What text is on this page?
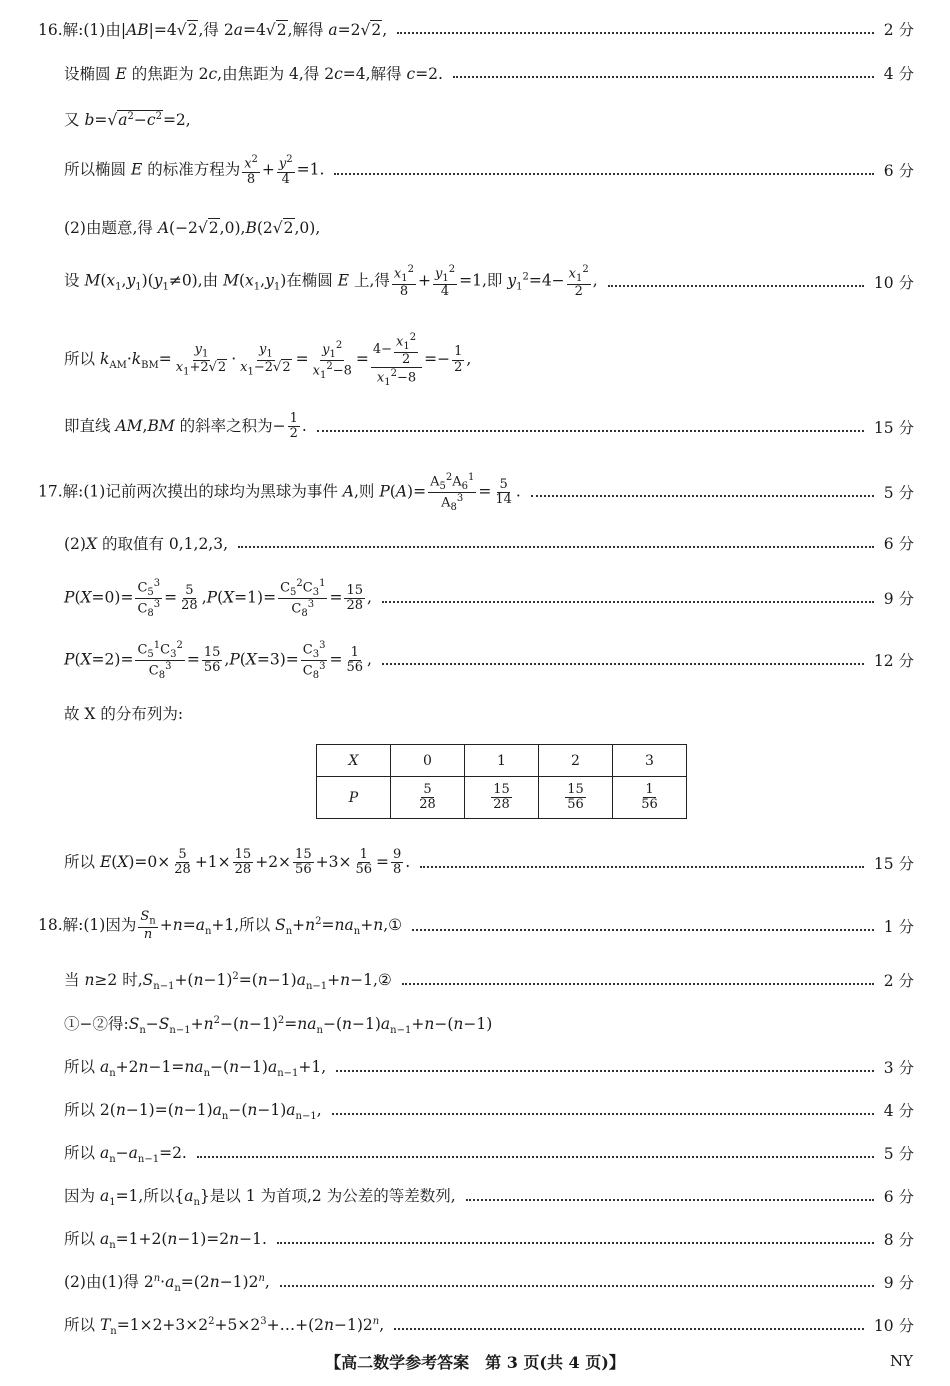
16.解:(1)由|AB|=4√2,得 2a=4√2,解得 a=2√2,	2 分
设椭圆 E 的焦距为 2c,由焦距为 4,得 2c=4,解得 c=2.	4 分
又 $b=√a^2-c^2=2$,
所以椭圆 E 的标准方程为 $\frac{x^2}{8} + \frac{y^2}{4} =1$.	6 分
(2)由题意,得 A(−2√2,0),B(2√2,0),
设 $M(x_1,y_1)(y_1\ne 0)$,由 $M(x_1,y_1)$在椭圆 E 上,得 $\frac{x_1^2}{8} + \frac{y_1^2}{4} =1$,即 $y_1^2=4- \frac{x_1^2}{2}$ ,	10 分
所以 $k_{AM}\cdot k_{BM}= \frac{y_1}{x_1+2√2} \cdot \frac{y_1}{x_1-2√2} = \frac{y_1^2}{x_1^2-8} = \frac{4- \frac{x_1^2}{2}}{x_1^2-8} =- \frac{1}{2}$ ,
即直线 AM,BM 的斜率之积为− $\frac{1}{2}$ .	15 分
17.解:(1)记前两次摸出的球均为黑球为事件 A,则 $P(A)= \frac{A_5^2A_6^1}{A_8^3} = \frac{5}{14}$ .	5 分
(2)X 的取值有 0,1,2,3,	6 分
$P(X=0)= \frac{C_5^3}{C_8^3} = \frac{5}{28} ,P(X=1)= \frac{C_5^2C_3^1}{C_8^3} = \frac{15}{28}$ ,	9 分
$P(X=2)= \frac{C_5^1C_3^2}{C_8^3} = \frac{15}{56} ,P(X=3)= \frac{C_3^3}{C_8^3} = \frac{1}{56}$ ,	12 分
故 X 的分布列为:
X	0	1	2	3
P	$\frac{5}{28}$	$\frac{15}{28}$	$\frac{15}{56}$	$\frac{1}{56}$
所以 $E(X)=0\times \frac{5}{28} +1\times \frac{15}{28} +2\times \frac{15}{56} +3\times \frac{1}{56} = \frac{9}{8}$ .	15 分
18.解:(1)因为 $\frac{S_n}{n} +n=a_n+1$,所以 $S_n+n^2=na_n+n,①$	1 分
当 n≥2 时$,S_{n-1}+(n-1)^2=(n-1)a_{n-1}+n-1,②$	2 分
①−②得$:S_n-S_{n-1}+n^2-(n-1)^2=na_n-(n-1)a_{n-1}+n-(n-1)$
所以 $a_n+2n-1=na_n-(n-1)a_{n-1}+1$,	3 分
所以 $2(n-1)=(n-1)a_n-(n-1)a_{n-1}$,	4 分
所以 $a_n-a_{n-1}=2$.	5 分
因为 $a_1=1$,所以$\{a_n\}$是以 1 为首项,2 为公差的等差数列,	6 分
所以 $a_n=1+2(n-1)=2n-1$.	8 分
(2)由(1)得 $2^n\cdot a_n=(2n-1)2^n$,	9 分
所以 $T_n=1\times 2+3\times 2^2+5\times 2^3+\dots+(2n-1)2^n$,	10 分
【高二数学参考答案　第 3 页(共 4 页)】	NY
